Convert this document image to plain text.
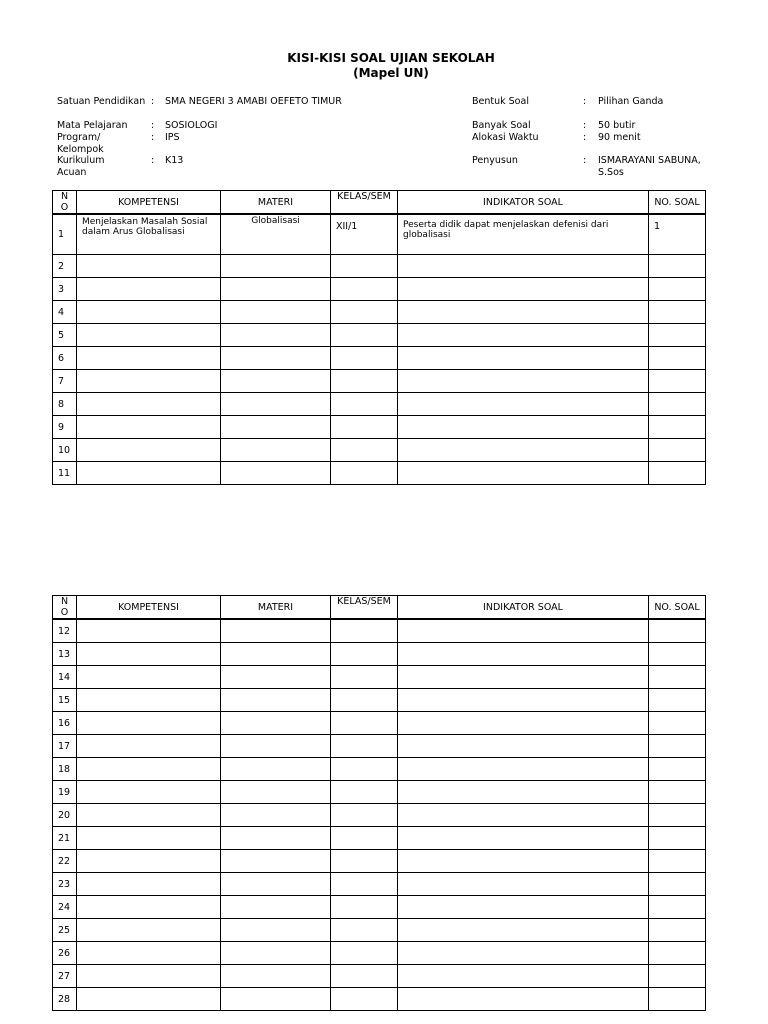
KISI-KISI SOAL UJIAN SEKOLAH
(Mapel UN)
Satuan Pendidikan : SMA NEGERI 3 AMABI OEFETO TIMUR
Mata Pelajaran	: SOSIOLOGI
Program/ Kelompok
: IPS
Kurikulum Acuan
: K13
Bentuk Soal	: Pilihan Ganda
Banyak Soal	: 50 butir
Alokasi Waktu	: 90 menit
Penyusun	: ISMARAYANI SABUNA, S.Sos
N O	KOMPETENSI	MATERI	KELAS/SEM	INDIKATOR SOAL	NO. SOAL
1	Menjelaskan Masalah Sosial dalam Arus Globalisasi	Globalisasi	XII/1	Peserta didik dapat menjelaskan defenisi dari globalisasi	1
2					
3					
4					
5					
6					
7					
8					
9					
10					
11					
N O	KOMPETENSI	MATERI	KELAS/SEM	INDIKATOR SOAL	NO. SOAL
12					
13					
14					
15					
16					
17					
18					
19					
20					
21					
22					
23					
24					
25					
26					
27					
28					
